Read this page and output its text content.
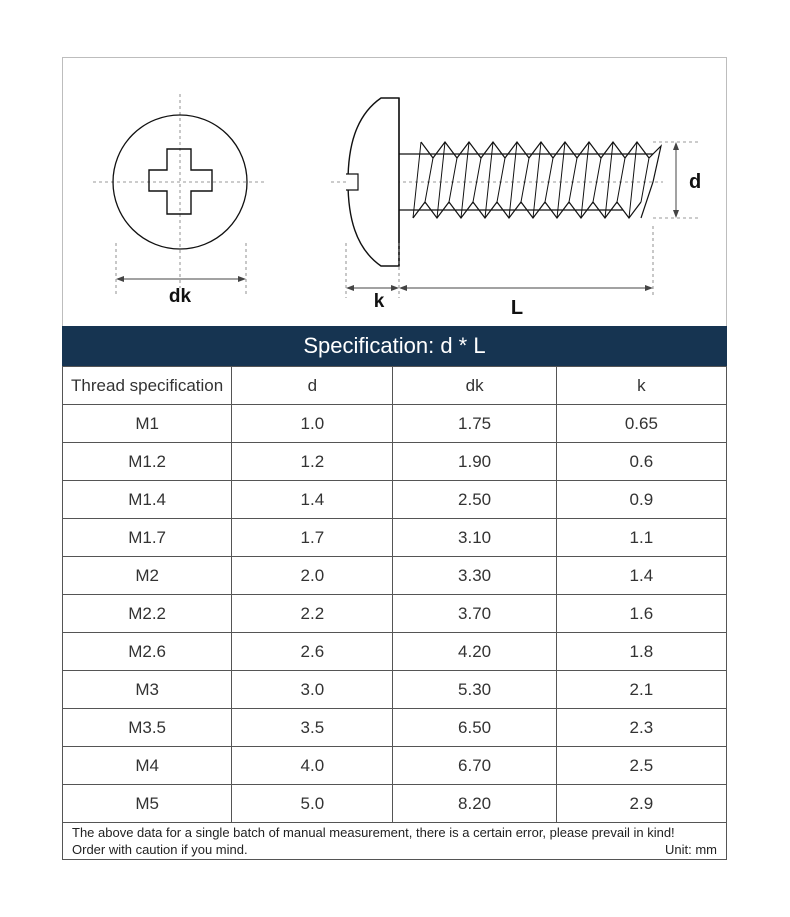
dk
d
k	L
Specification: d * L
Thread specification	d	dk	k
M1	1.0	1.75	0.65
M1.2	1.2	1.90	0.6
M1.4	1.4	2.50	0.9
M1.7	1.7	3.10	1.1
M2	2.0	3.30	1.4
M2.2	2.2	3.70	1.6
M2.6	2.6	4.20	1.8
M3	3.0	5.30	2.1
M3.5	3.5	6.50	2.3
M4	4.0	6.70	2.5
M5	5.0	8.20	2.9
The above data for a single batch of manual measurement, there is a certain error, please prevail in kind!
Order with caution if you mind.	Unit: mm
